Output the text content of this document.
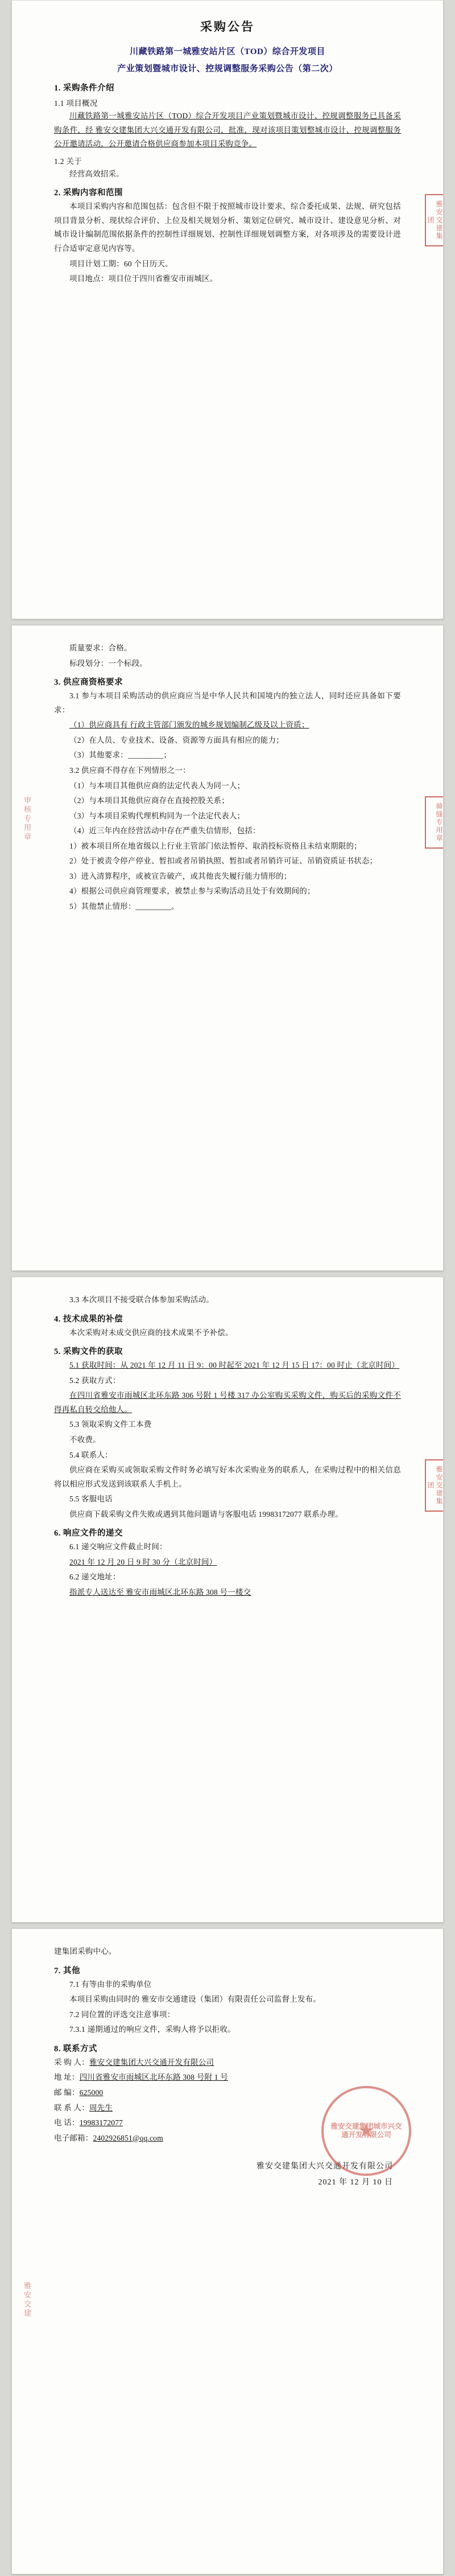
雅安交建集团
采购公告
川藏铁路第一城雅安站片区（TOD）综合开发项目
产业策划暨城市设计、控规调整服务采购公告（第二次）
1. 采购条件介绍
1.1 项目概况

川藏铁路第一城雅安站片区（TOD）综合开发项目产业策划暨城市设计、控规调整服务已具备采购条件，经 雅安交建集团大兴交通开发有限公司，批准，现对该项目策划整城市设计、控规调整服务公开邀请活动，公开邀请合格供应商参加本项目采购竞争。

1.2 关于

经营高效招采。

2. 采购内容和范围

本项目采购内容和范围包括：包含但不限于按照城市设计要求、综合委托成果、法规、研究包括项目背景分析、现状综合评价、上位及相关规划分析、策划定位研究、城市设计、建设意见分析、对城市设计编制范围依据条件的控制性详细规划、控制性详细规划调整方案，对各项涉及的需要设计进行合适审定意见内容等。

项目计划工期：60 个日历天。

项目地点：项目位于四川省雅安市雨城区。

审核专用章	骑缝专用章

质量要求：合格。

标段划分：一个标段。

3. 供应商资格要求

3.1 参与本项目采购活动的供应商应当是中华人民共和国境内的独立法人，同时还应具备如下要求：

（1）供应商具有 行政主管部门颁发的城乡规划编制乙级及以上资质；

（2）在人员、专业技术、设备、资源等方面具有相应的能力；

（3）其他要求：_________；

3.2 供应商不得存在下列情形之一：

（1）与本项目其他供应商的法定代表人为同一人；

（2）与本项目其他供应商存在直接控股关系；

（3）与本项目采购代理机构同为一个法定代表人；

（4）近三年内在经营活动中存在严重失信情形，包括：

1）被本项目所在地省级以上行业主管部门依法暂停、取消投标资格且未结束期限的；

2）处于被责令停产停业、暂扣或者吊销执照、暂扣或者吊销许可证、吊销资质证书状态；

3）进入清算程序，或被宣告破产，或其他丧失履行能力情形的；

4）根据公司供应商管理要求，被禁止参与采购活动且处于有效期间的；

5）其他禁止情形：_________。

雅安交建集团

3.3 本次项目不接受联合体参加采购活动。

4. 技术成果的补偿

本次采购对未成交供应商的技术成果不予补偿。

5. 采购文件的获取

5.1 获取时间：从 2021 年 12 月 11 日 9：00 时起至 2021 年 12 月 15 日 17：00 时止（北京时间）

5.2 获取方式：

在四川省雅安市雨城区北环东路 306 号附 1 号楼 317 办公室购买采购文件，购买后的采购文件不得再私自转交给他人。

5.3 领取采购文件工本费

不收费。

5.4 联系人：

供应商在采购买或领取采购文件时务必填写好本次采购业务的联系人，在采购过程中的相关信息将以相应形式发送到该联系人手机上。

5.5 客服电话

供应商下载采购文件失败或遇到其他问题请与客服电话 19983172077 联系办理。

6. 响应文件的递交

6.1 递交响应文件截止时间：

2021 年 12 月 20 日 9 时 30 分（北京时间）

6.2 递交地址：

指派专人送达至 雅安市雨城区北环东路 308 号一楼交

雅安交建

建集团采购中心。

7. 其他

7.1 有等由非的采购单位

本项目采购由同时的 雅安市交通建设（集团）有限责任公司监督上发布。

7.2 同位置的评选交注意事项：

7.3.1 递期通过的响应文件，采购人将予以拒收。

8. 联系方式

采 购 人：雅安交建集团大兴交通开发有限公司

地 址：四川省雅安市雨城区北环东路 308 号附 1 号

邮 编：625000

联 系 人：周先生

电 话：19983172077

电子邮箱：2402926851@qq.com

雅安交建集团大兴交通开发有限公司
2021 年 12 月 10 日
雅安交建集团城市兴交通开发有限公司
★
